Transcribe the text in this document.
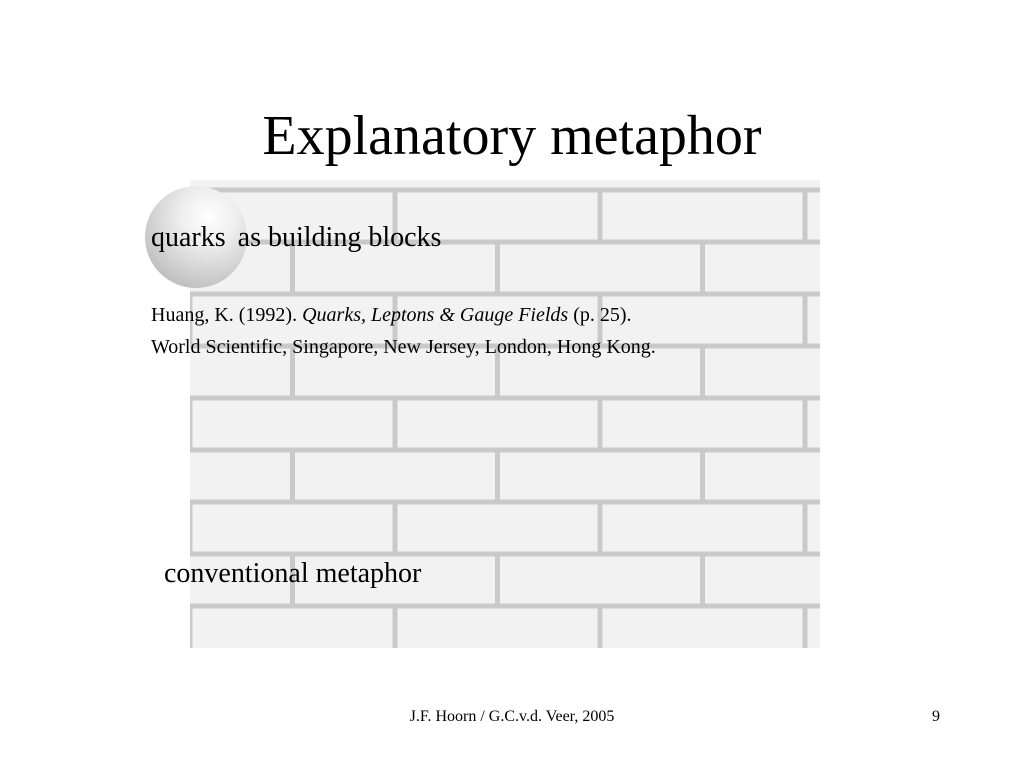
Explanatory metaphor
quarks as building blocks
Huang, K. (1992). Quarks, Leptons & Gauge Fields (p. 25).
World Scientific, Singapore, New Jersey, London, Hong Kong.
conventional metaphor
J.F. Hoorn / G.C.v.d. Veer, 2005	9
